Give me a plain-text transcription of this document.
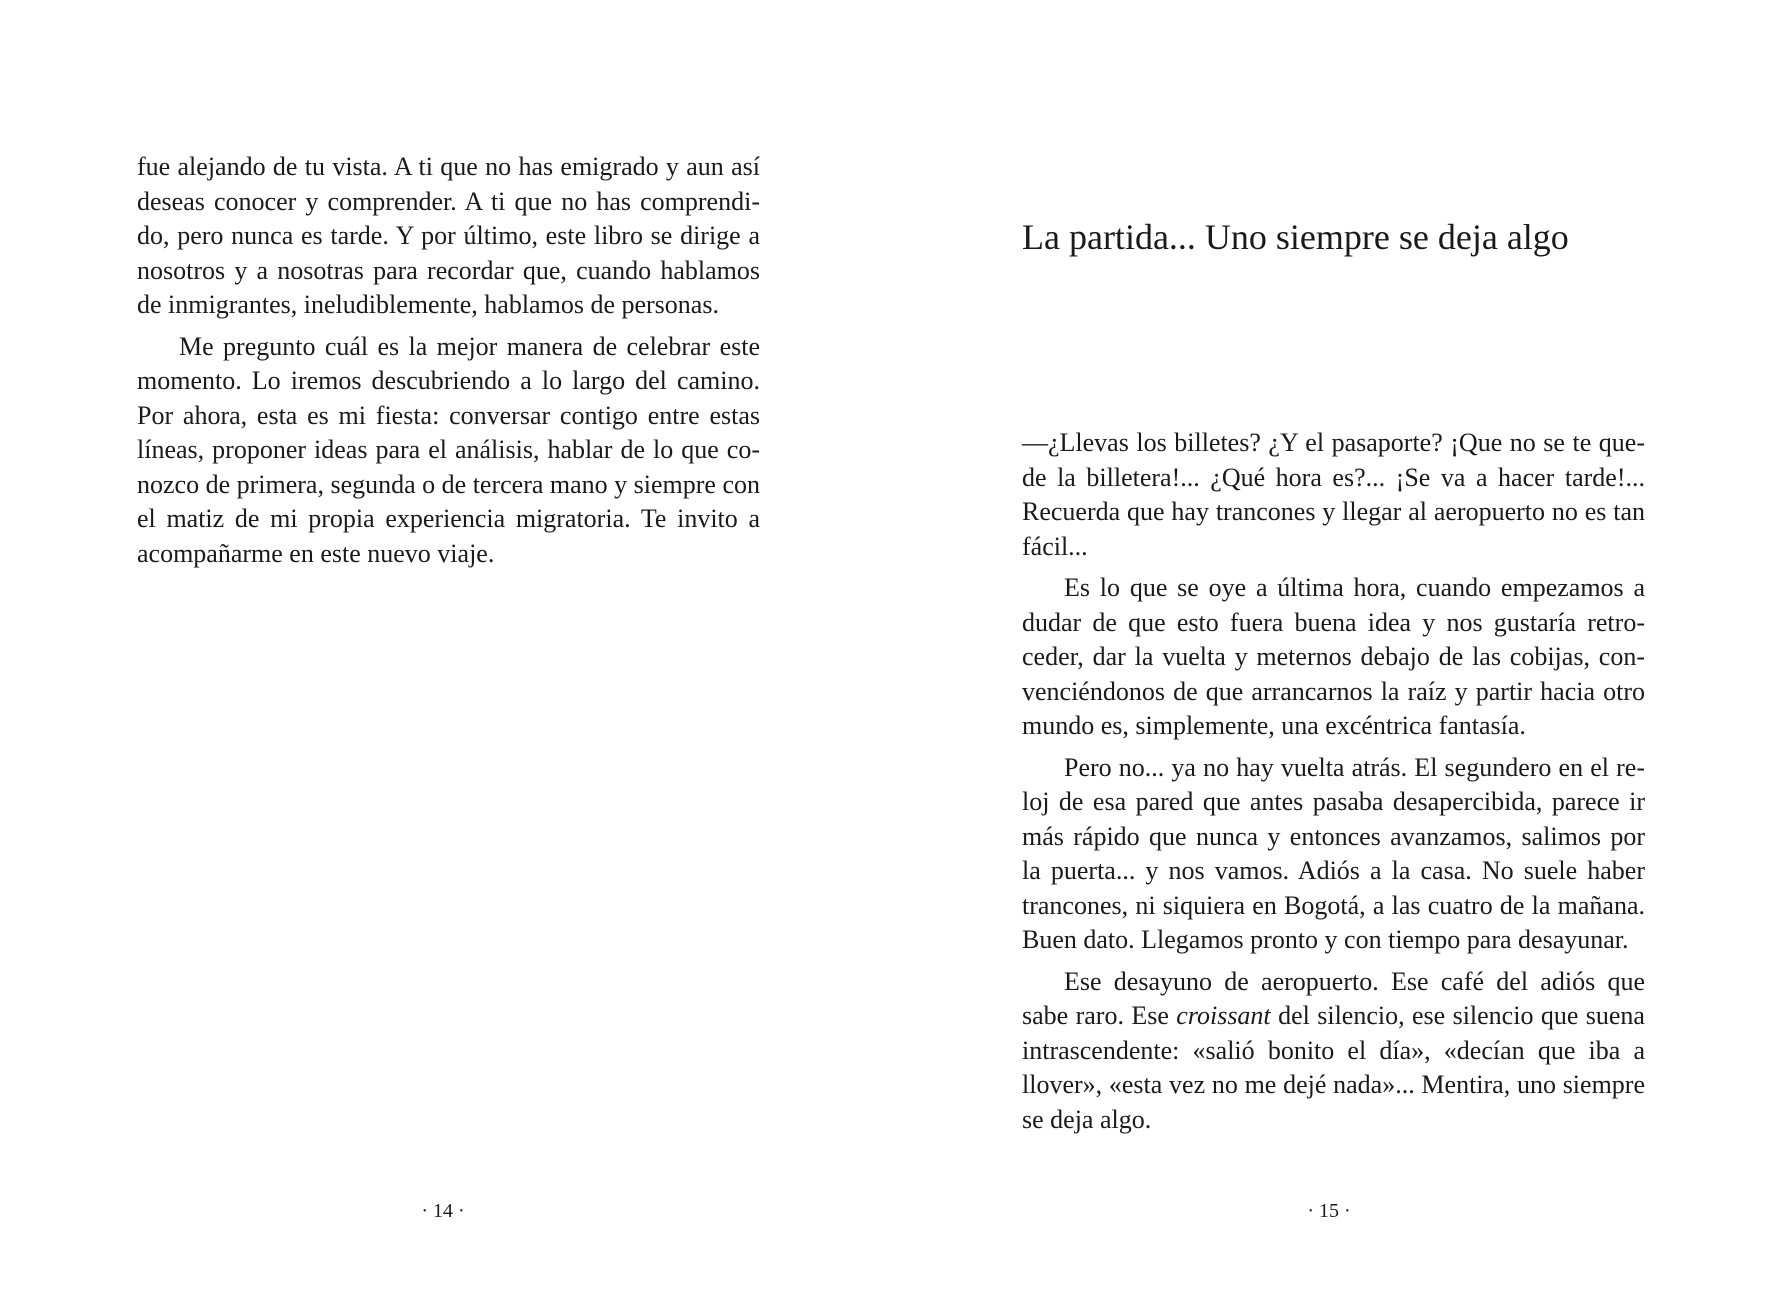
fue alejando de tu vista. A ti que no has emigrado y aun así deseas conocer y comprender. A ti que no has comprendido, pero nunca es tarde. Y por último, este libro se dirige a nosotros y a nosotras para recordar que, cuando hablamos de inmigrantes, ineludiblemente, hablamos de personas.

Me pregunto cuál es la mejor manera de celebrar este momento. Lo iremos descubriendo a lo largo del camino. Por ahora, esta es mi fiesta: conversar contigo entre estas líneas, proponer ideas para el análisis, hablar de lo que conozco de primera, segunda o de tercera mano y siempre con el matiz de mi propia experiencia migratoria. Te invito a acompañarme en este nuevo viaje.

· 14 ·
La partida... Uno siempre se deja algo

—¿Llevas los billetes? ¿Y el pasaporte? ¡Que no se te quede la billetera!... ¿Qué hora es?... ¡Se va a hacer tarde!... Recuerda que hay trancones y llegar al aeropuerto no es tan fácil...

Es lo que se oye a última hora, cuando empezamos a dudar de que esto fuera buena idea y nos gustaría retroceder, dar la vuelta y meternos debajo de las cobijas, convenciéndonos de que arrancarnos la raíz y partir hacia otro mundo es, simplemente, una excéntrica fantasía.

Pero no... ya no hay vuelta atrás. El segundero en el reloj de esa pared que antes pasaba desapercibida, parece ir más rápido que nunca y entonces avanzamos, salimos por la puerta... y nos vamos. Adiós a la casa. No suele haber trancones, ni siquiera en Bogotá, a las cuatro de la mañana. Buen dato. Llegamos pronto y con tiempo para desayunar.

Ese desayuno de aeropuerto. Ese café del adiós que sabe raro. Ese croissant del silencio, ese silencio que suena intrascendente: «salió bonito el día», «decían que iba a llover», «esta vez no me dejé nada»... Mentira, uno siempre se deja algo.

· 15 ·
